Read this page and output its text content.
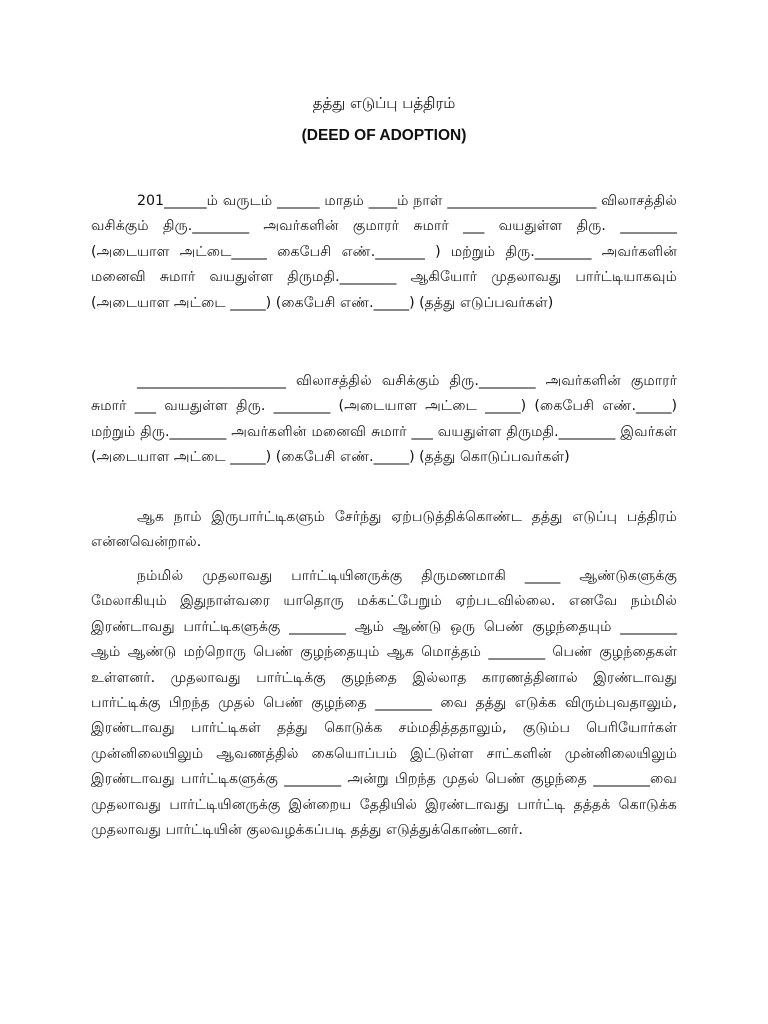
தத்து எடுப்பு பத்திரம்
(DEED OF ADOPTION)

201______ம் வருடம் ______ மாதம் ____ம் நாள் _____________________ விலாசத்தில் வசிக்கும் திரு.________ அவர்களின் குமாரர் சுமார் ___ வயதுள்ள திரு. ________ (அடையாள அட்டை_____ கைபேசி எண்._______ ) மற்றும் திரு.________ அவர்களின் மனைவி சுமார் வயதுள்ள திருமதி.________ ஆகியோர் முதலாவது பார்ட்டியாகவும் (அடையாள அட்டை _____) (கைபேசி எண்._____) (தத்து எடுப்பவர்கள்)

_____________________ விலாசத்தில் வசிக்கும் திரு.________ அவர்களின் குமாரர் சுமார் ___ வயதுள்ள திரு. ________ (அடையாள அட்டை _____) (கைபேசி எண்._____) மற்றும் திரு.________ அவர்களின் மனைவி சுமார் ___ வயதுள்ள திருமதி.________ இவர்கள் (அடையாள அட்டை _____) (கைபேசி எண்._____) (தத்து கொடுப்பவர்கள்)

ஆக நாம் இருபார்ட்டிகளும் சேர்ந்து ஏற்படுத்திக்கொண்ட தத்து எடுப்பு பத்திரம் என்னவென்றால்.

நம்மில் முதலாவது பார்ட்டியினருக்கு திருமணமாகி _____ ஆண்டுகளுக்கு மேலாகியும் இதுநாள்வரை யாதொரு மக்கட்பேறும் ஏற்படவில்லை. எனவே நம்மில் இரண்டாவது பார்ட்டிகளுக்கு ________ ஆம் ஆண்டு ஒரு பெண் குழந்தையும் ________ ஆம் ஆண்டு மற்றொரு பெண் குழந்தையும் ஆக மொத்தம் ________ பெண் குழந்தைகள் உள்ளனர். முதலாவது பார்ட்டிக்கு குழந்தை இல்லாத காரணத்தினால் இரண்டாவது பார்ட்டிக்கு பிறந்த முதல் பெண் குழந்தை ________ வை தத்து எடுக்க விரும்புவதாலும், இரண்டாவது பார்ட்டிகள் தத்து கொடுக்க சம்மதித்ததாலும், குடும்ப பெரியோர்கள் முன்னிலையிலும் ஆவணத்தில் கையொப்பம் இட்டுள்ள சாட்களின் முன்னிலையிலும் இரண்டாவது பார்ட்டிகளுக்கு ________ அன்று பிறந்த முதல் பெண் குழந்தை ________வை முதலாவது பார்ட்டியினருக்கு இன்றைய தேதியில் இரண்டாவது பார்ட்டி தத்தக் கொடுக்க முதலாவது பார்ட்டியின் குலவழக்கப்படி தத்து எடுத்துக்கொண்டனர்.
